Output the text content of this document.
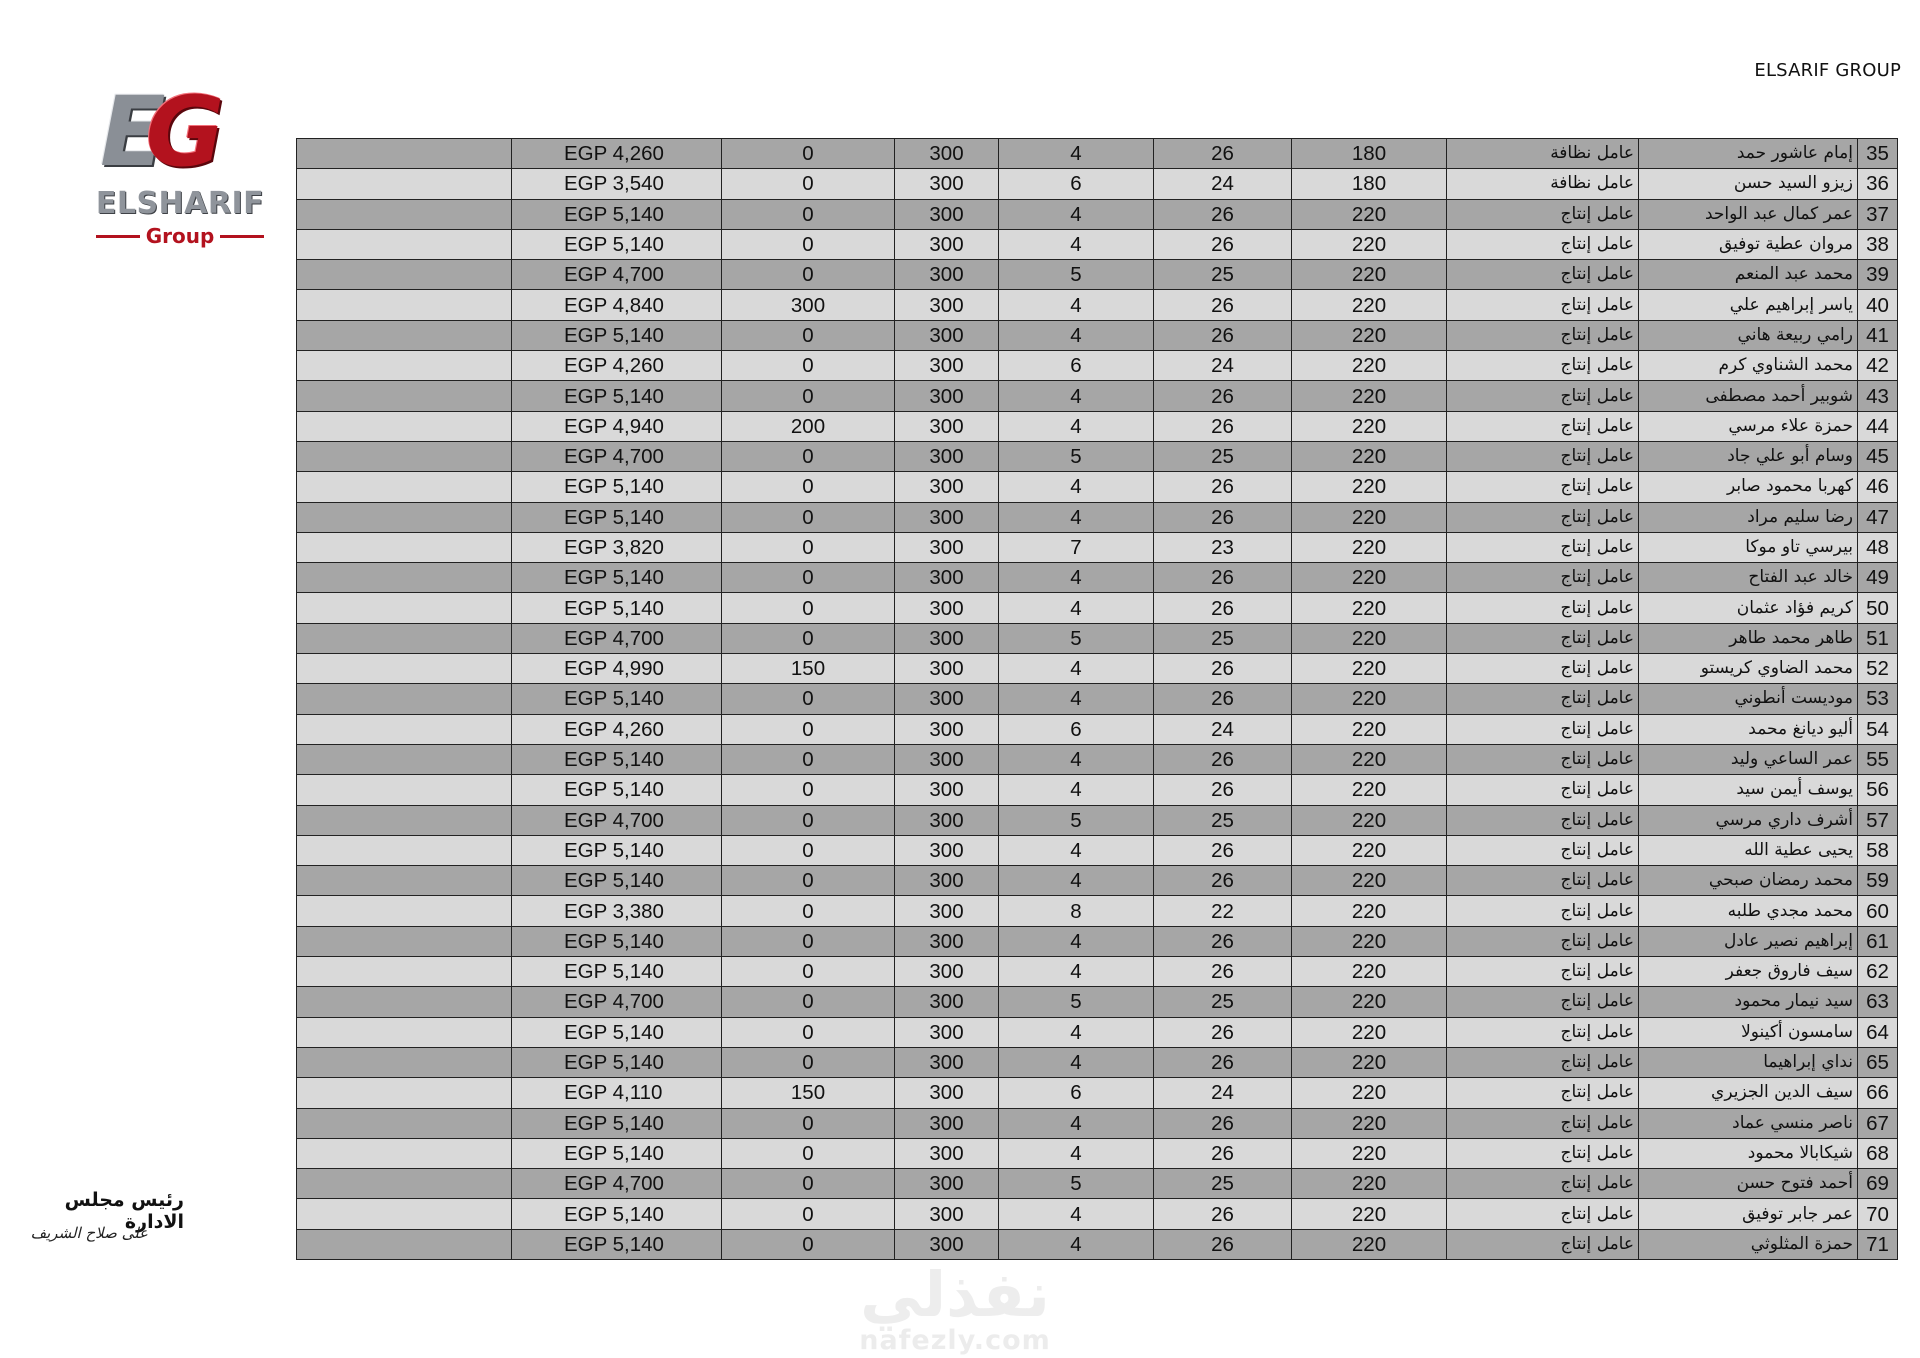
ELSARIF GROUP
EG
ELSHARIF
Group
	EGP 4,260	0	300	4	26	180	عامل نظافة	إمام عاشور حمد	35
	EGP 3,540	0	300	6	24	180	عامل نظافة	زيزو السيد حسن	36
	EGP 5,140	0	300	4	26	220	عامل إنتاج	عمر كمال عبد الواحد	37
	EGP 5,140	0	300	4	26	220	عامل إنتاج	مروان عطية توفيق	38
	EGP 4,700	0	300	5	25	220	عامل إنتاج	محمد عبد المنعم	39
	EGP 4,840	300	300	4	26	220	عامل إنتاج	ياسر إبراهيم علي	40
	EGP 5,140	0	300	4	26	220	عامل إنتاج	رامي ربيعة هاني	41
	EGP 4,260	0	300	6	24	220	عامل إنتاج	محمد الشناوي كرم	42
	EGP 5,140	0	300	4	26	220	عامل إنتاج	شوبير أحمد مصطفى	43
	EGP 4,940	200	300	4	26	220	عامل إنتاج	حمزة علاء مرسي	44
	EGP 4,700	0	300	5	25	220	عامل إنتاج	وسام أبو علي جاد	45
	EGP 5,140	0	300	4	26	220	عامل إنتاج	كهربا محمود صابر	46
	EGP 5,140	0	300	4	26	220	عامل إنتاج	رضا سليم مراد	47
	EGP 3,820	0	300	7	23	220	عامل إنتاج	بيرسي تاو موكا	48
	EGP 5,140	0	300	4	26	220	عامل إنتاج	خالد عبد الفتاح	49
	EGP 5,140	0	300	4	26	220	عامل إنتاج	كريم فؤاد عثمان	50
	EGP 4,700	0	300	5	25	220	عامل إنتاج	طاهر محمد طاهر	51
	EGP 4,990	150	300	4	26	220	عامل إنتاج	محمد الضاوي كريستو	52
	EGP 5,140	0	300	4	26	220	عامل إنتاج	موديست أنطوني	53
	EGP 4,260	0	300	6	24	220	عامل إنتاج	أليو ديانغ محمد	54
	EGP 5,140	0	300	4	26	220	عامل إنتاج	عمر الساعي وليد	55
	EGP 5,140	0	300	4	26	220	عامل إنتاج	يوسف أيمن سيد	56
	EGP 4,700	0	300	5	25	220	عامل إنتاج	أشرف داري مرسي	57
	EGP 5,140	0	300	4	26	220	عامل إنتاج	يحيى عطية الله	58
	EGP 5,140	0	300	4	26	220	عامل إنتاج	محمد رمضان صبحي	59
	EGP 3,380	0	300	8	22	220	عامل إنتاج	محمد مجدي طلبه	60
	EGP 5,140	0	300	4	26	220	عامل إنتاج	إبراهيم نصير عادل	61
	EGP 5,140	0	300	4	26	220	عامل إنتاج	سيف فاروق جعفر	62
	EGP 4,700	0	300	5	25	220	عامل إنتاج	سيد نيمار محمود	63
	EGP 5,140	0	300	4	26	220	عامل إنتاج	سامسون أكينولا	64
	EGP 5,140	0	300	4	26	220	عامل إنتاج	نداي إبراهيما	65
	EGP 4,110	150	300	6	24	220	عامل إنتاج	سيف الدين الجزيري	66
	EGP 5,140	0	300	4	26	220	عامل إنتاج	ناصر منسي عماد	67
	EGP 5,140	0	300	4	26	220	عامل إنتاج	شيكابالا محمود	68
	EGP 4,700	0	300	5	25	220	عامل إنتاج	أحمد فتوح حسن	69
	EGP 5,140	0	300	4	26	220	عامل إنتاج	عمر جابر توفيق	70
	EGP 5,140	0	300	4	26	220	عامل إنتاج	حمزة المثلوثي	71
رئيس مجلس الادارة
على صلاح الشريف
نفذلي
nafezly.com
